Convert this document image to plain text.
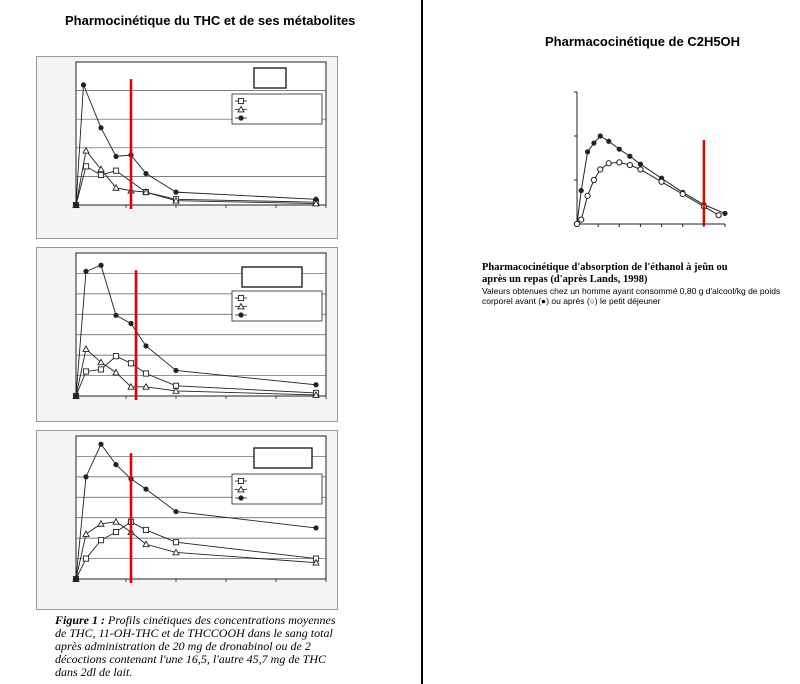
Pharmocinétique du THC et de ses métabolites
Pharmacocinétique de C2H5OH
Figure 1 : Profils cinétiques des concentrations moyennes de THC, 11-OH-THC et de THCCOOH dans le sang total après administration de 20 mg de dronabinol ou de 2 décoctions contenant l'une 16,5, l'autre 45,7 mg de THC dans 2dl de lait.
Pharmacocinétique d'absorption de l'éthanol à jeûn ou après un repas (d'après Lands, 1998)
Valeurs obtenues chez un homme ayant consommé 0,80 g d'alcool/kg de poids corporel avant (●) ou après (○) le petit déjeuner
